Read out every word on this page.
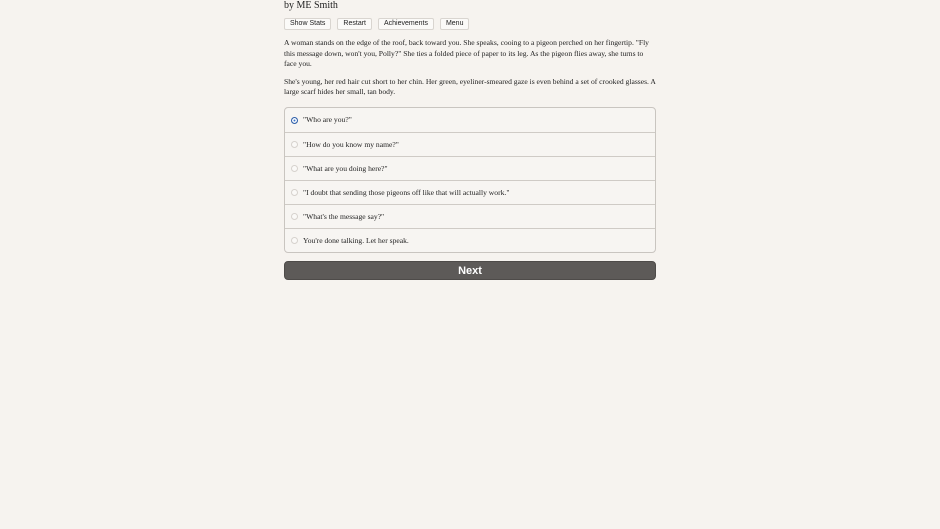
by ME Smith
Show Stats	Restart	Achievements	Menu

A woman stands on the edge of the roof, back toward you. She speaks, cooing to a pigeon perched on her fingertip. "Fly this message down, won't you, Polly?" She ties a folded piece of paper to its leg. As the pigeon flies away, she turns to face you.

She's young, her red hair cut short to her chin. Her green, eyeliner-smeared gaze is even behind a set of crooked glasses. A large scarf hides her small, tan body.

"Who are you?"
"How do you know my name?"
"What are you doing here?"
"I doubt that sending those pigeons off like that will actually work."
"What's the message say?"
You're done talking. Let her speak.
Next
